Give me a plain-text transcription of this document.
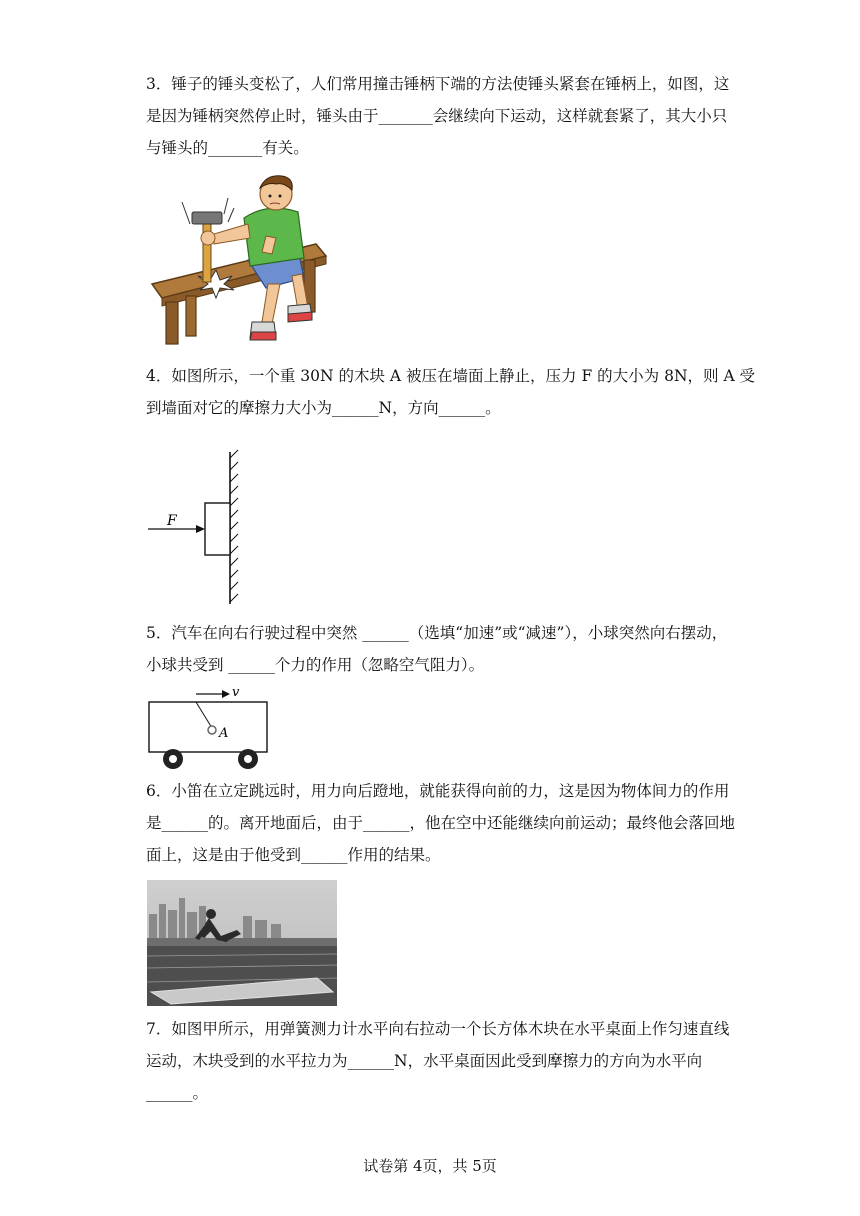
3．锤子的锤头变松了，人们常用撞击锤柄下端的方法使锤头紧套在锤柄上，如图，这

是因为锤柄突然停止时，锤头由于_______会继续向下运动，这样就套紧了，其大小只

与锤头的_______有关。

4．如图所示，一个重 30N 的木块 A 被压在墙面上静止，压力 F 的大小为 8N，则 A 受

到墙面对它的摩擦力大小为______N，方向______。

F

5．汽车在向右行驶过程中突然 ______（选填“加速”或“减速”），小球突然向右摆动，

小球共受到 ______个力的作用（忽略空气阻力）。

v
A

6．小笛在立定跳远时，用力向后蹬地，就能获得向前的力，这是因为物体间力的作用

是______的。离开地面后，由于______，他在空中还能继续向前运动；最终他会落回地

面上，这是由于他受到______作用的结果。

7．如图甲所示，用弹簧测力计水平向右拉动一个长方体木块在水平桌面上作匀速直线

运动，木块受到的水平拉力为______N，水平桌面因此受到摩擦力的方向为水平向

______。

试卷第 4页，共 5页
